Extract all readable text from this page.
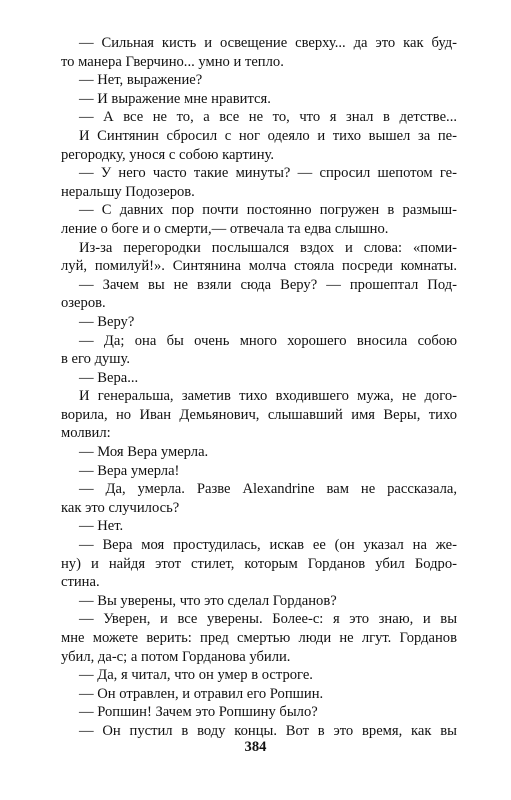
— Сильная кисть и освещение сверху... да это как буд-
то манера Гверчино... умно и тепло.
— Нет, выражение?
— И выражение мне нравится.
— А все не то, а все не то, что я знал в детстве...
И Синтянин сбросил с ног одеяло и тихо вышел за пе-
регородку, унося с собою картину.
— У него часто такие минуты? — спросил шепотом ге-
неральшу Подозеров.
— С давних пор почти постоянно погружен в размыш-
ление о боге и о смерти,— отвечала та едва слышно.
Из-за перегородки послышался вздох и слова: «поми-
луй, помилуй!». Синтянина молча стояла посреди комнаты.
— Зачем вы не взяли сюда Веру? — прошептал Под-
озеров.
— Веру?
— Да; она бы очень много хорошего вносила собою
в его душу.
— Вера...
И генеральша, заметив тихо входившего мужа, не дого-
ворила, но Иван Демьянович, слышавший имя Веры, тихо
молвил:
— Моя Вера умерла.
— Вера умерла!
— Да, умерла. Разве Alexandrine вам не рассказала,
как это случилось?
— Нет.
— Вера моя простудилась, искав ее (он указал на же-
ну) и найдя этот стилет, которым Горданов убил Бодро-
стина.
— Вы уверены, что это сделал Горданов?
— Уверен, и все уверены. Более-с: я это знаю, и вы
мне можете верить: пред смертью люди не лгут. Горданов
убил, да-с; а потом Горданова убили.
— Да, я читал, что он умер в остроге.
— Он отравлен, и отравил его Ропшин.
— Ропшин! Зачем это Ропшину было?
— Он пустил в воду концы. Вот в это время, как вы
384
